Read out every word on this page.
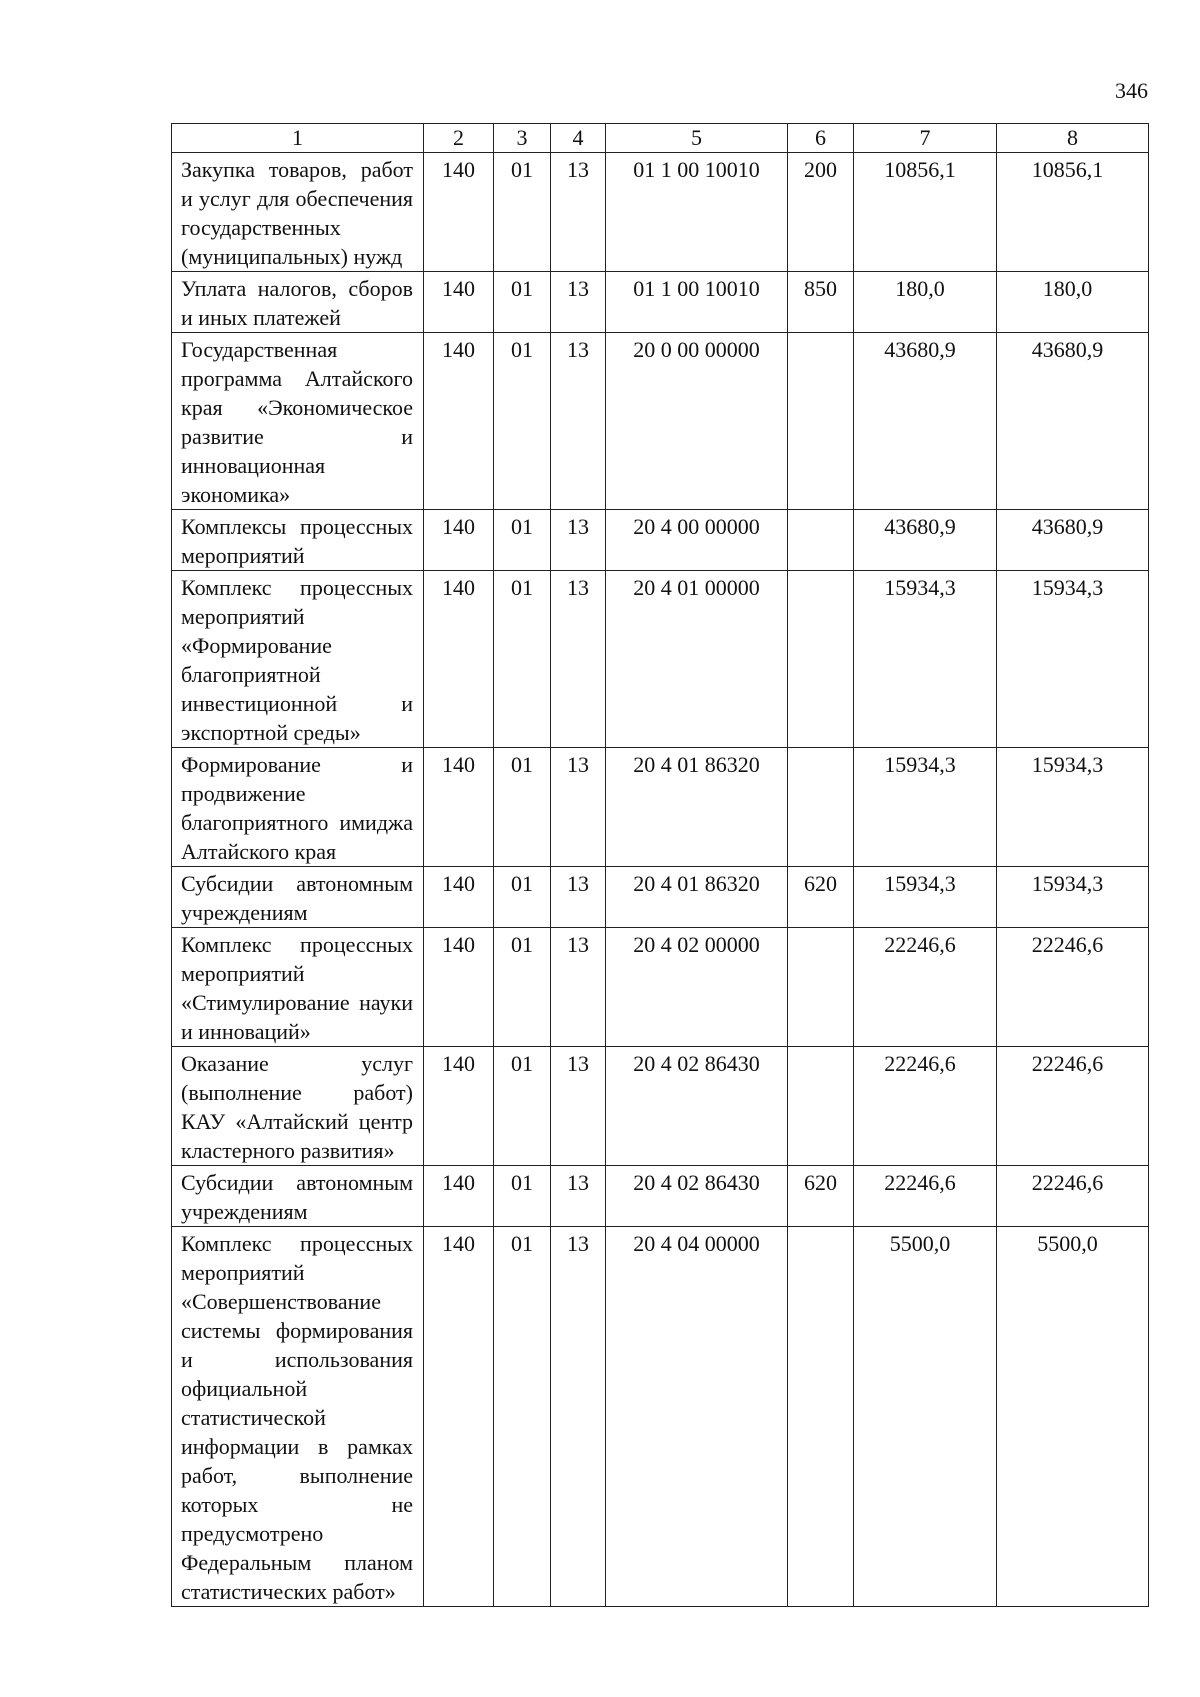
346
1	2	3	4	5	6	7	8
Закупка товаров, работ и услуг для обеспечения государственных (муниципальных) нужд	140	01	13	01 1 00 10010	200	10856,1	10856,1
Уплата налогов, сборов и иных платежей	140	01	13	01 1 00 10010	850	180,0	180,0
Государственная программа Алтайского края «Экономическое развитие и инновационная экономика»	140	01	13	20 0 00 00000		43680,9	43680,9
Комплексы процессных мероприятий	140	01	13	20 4 00 00000		43680,9	43680,9
Комплекс процессных мероприятий «Формирование благоприятной инвестиционной и экспортной среды»	140	01	13	20 4 01 00000		15934,3	15934,3
Формирование и продвижение благоприятного имиджа Алтайского края	140	01	13	20 4 01 86320		15934,3	15934,3
Субсидии автономным учреждениям	140	01	13	20 4 01 86320	620	15934,3	15934,3
Комплекс процессных мероприятий «Стимулирование науки и инноваций»	140	01	13	20 4 02 00000		22246,6	22246,6
Оказание услуг (выполнение работ) КАУ «Алтайский центр кластерного развития»	140	01	13	20 4 02 86430		22246,6	22246,6
Субсидии автономным учреждениям	140	01	13	20 4 02 86430	620	22246,6	22246,6
Комплекс процессных мероприятий «Совершенствование системы формирования и использования официальной статистической информации в рамках работ, выполнение которых не предусмотрено Федеральным планом статистических работ»	140	01	13	20 4 04 00000		5500,0	5500,0
